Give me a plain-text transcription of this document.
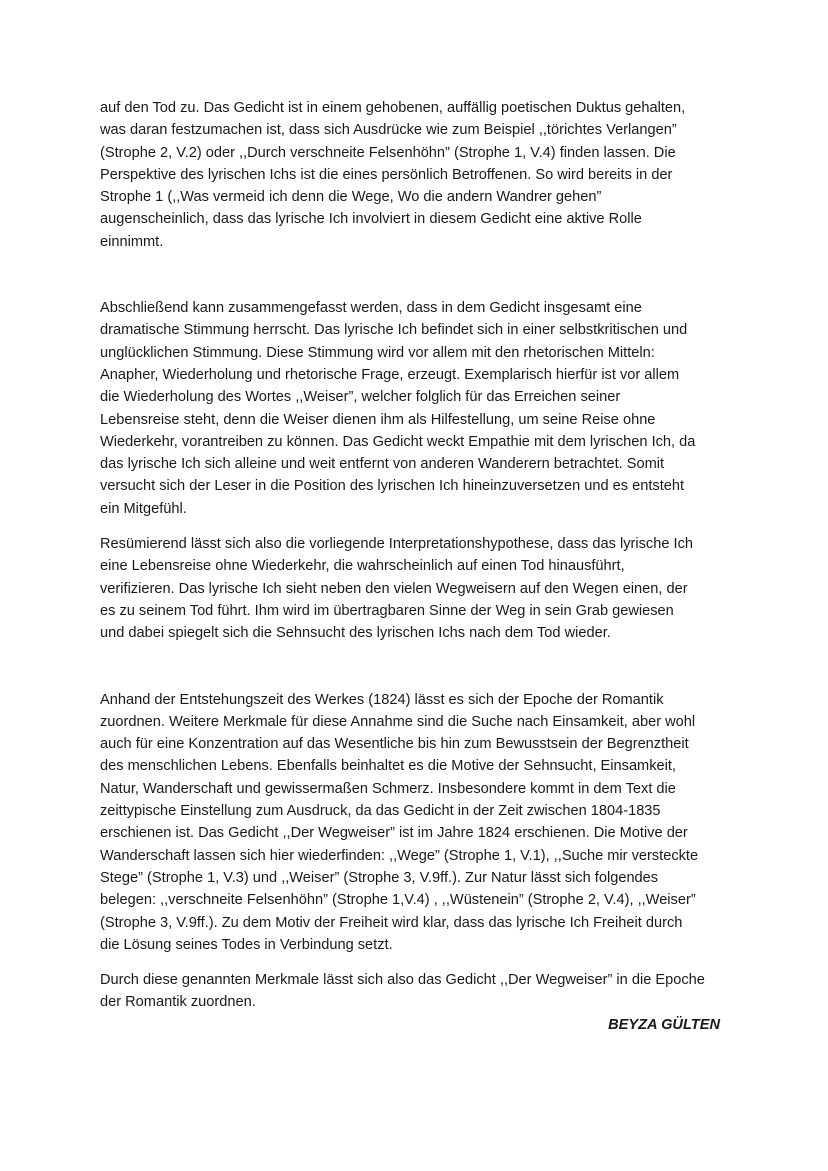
auf den Tod zu. Das Gedicht ist in einem gehobenen, auffällig poetischen Duktus gehalten,
was daran festzumachen ist, dass sich Ausdrücke wie zum Beispiel ,,törichtes Verlangen”
(Strophe 2, V.2) oder ,,Durch verschneite Felsenhöhn” (Strophe 1, V.4) finden lassen. Die
Perspektive des lyrischen Ichs ist die eines persönlich Betroffenen. So wird bereits in der
Strophe 1 (,,Was vermeid ich denn die Wege, Wo die andern Wandrer gehen”
augenscheinlich, dass das lyrische Ich involviert in diesem Gedicht eine aktive Rolle
einnimmt.

Abschließend kann zusammengefasst werden, dass in dem Gedicht insgesamt eine
dramatische Stimmung herrscht. Das lyrische Ich befindet sich in einer selbstkritischen und
unglücklichen Stimmung. Diese Stimmung wird vor allem mit den rhetorischen Mitteln:
Anapher, Wiederholung und rhetorische Frage, erzeugt. Exemplarisch hierfür ist vor allem
die Wiederholung des Wortes ,,Weiser”, welcher folglich für das Erreichen seiner
Lebensreise steht, denn die Weiser dienen ihm als Hilfestellung, um seine Reise ohne
Wiederkehr, vorantreiben zu können. Das Gedicht weckt Empathie mit dem lyrischen Ich, da
das lyrische Ich sich alleine und weit entfernt von anderen Wanderern betrachtet. Somit
versucht sich der Leser in die Position des lyrischen Ich hineinzuversetzen und es entsteht
ein Mitgefühl.

Resümierend lässt sich also die vorliegende Interpretationshypothese, dass das lyrische Ich
eine Lebensreise ohne Wiederkehr, die wahrscheinlich auf einen Tod hinausführt,
verifizieren. Das lyrische Ich sieht neben den vielen Wegweisern auf den Wegen einen, der
es zu seinem Tod führt. Ihm wird im übertragbaren Sinne der Weg in sein Grab gewiesen
und dabei spiegelt sich die Sehnsucht des lyrischen Ichs nach dem Tod wieder.

Anhand der Entstehungszeit des Werkes (1824) lässt es sich der Epoche der Romantik
zuordnen. Weitere Merkmale für diese Annahme sind die Suche nach Einsamkeit, aber wohl
auch für eine Konzentration auf das Wesentliche bis hin zum Bewusstsein der Begrenztheit
des menschlichen Lebens. Ebenfalls beinhaltet es die Motive der Sehnsucht, Einsamkeit,
Natur, Wanderschaft und gewissermaßen Schmerz. Insbesondere kommt in dem Text die
zeittypische Einstellung zum Ausdruck, da das Gedicht in der Zeit zwischen 1804-1835
erschienen ist. Das Gedicht ,,Der Wegweiser” ist im Jahre 1824 erschienen. Die Motive der
Wanderschaft lassen sich hier wiederfinden: ,,Wege” (Strophe 1, V.1), ,,Suche mir versteckte
Stege” (Strophe 1, V.3) und ,,Weiser” (Strophe 3, V.9ff.). Zur Natur lässt sich folgendes
belegen: ,,verschneite Felsenhöhn” (Strophe 1,V.4) , ,,Wüstenein” (Strophe 2, V.4), ,,Weiser”
(Strophe 3, V.9ff.). Zu dem Motiv der Freiheit wird klar, dass das lyrische Ich Freiheit durch
die Lösung seines Todes in Verbindung setzt.

Durch diese genannten Merkmale lässt sich also das Gedicht ,,Der Wegweiser” in die Epoche
der Romantik zuordnen.

BEYZA GÜLTEN
